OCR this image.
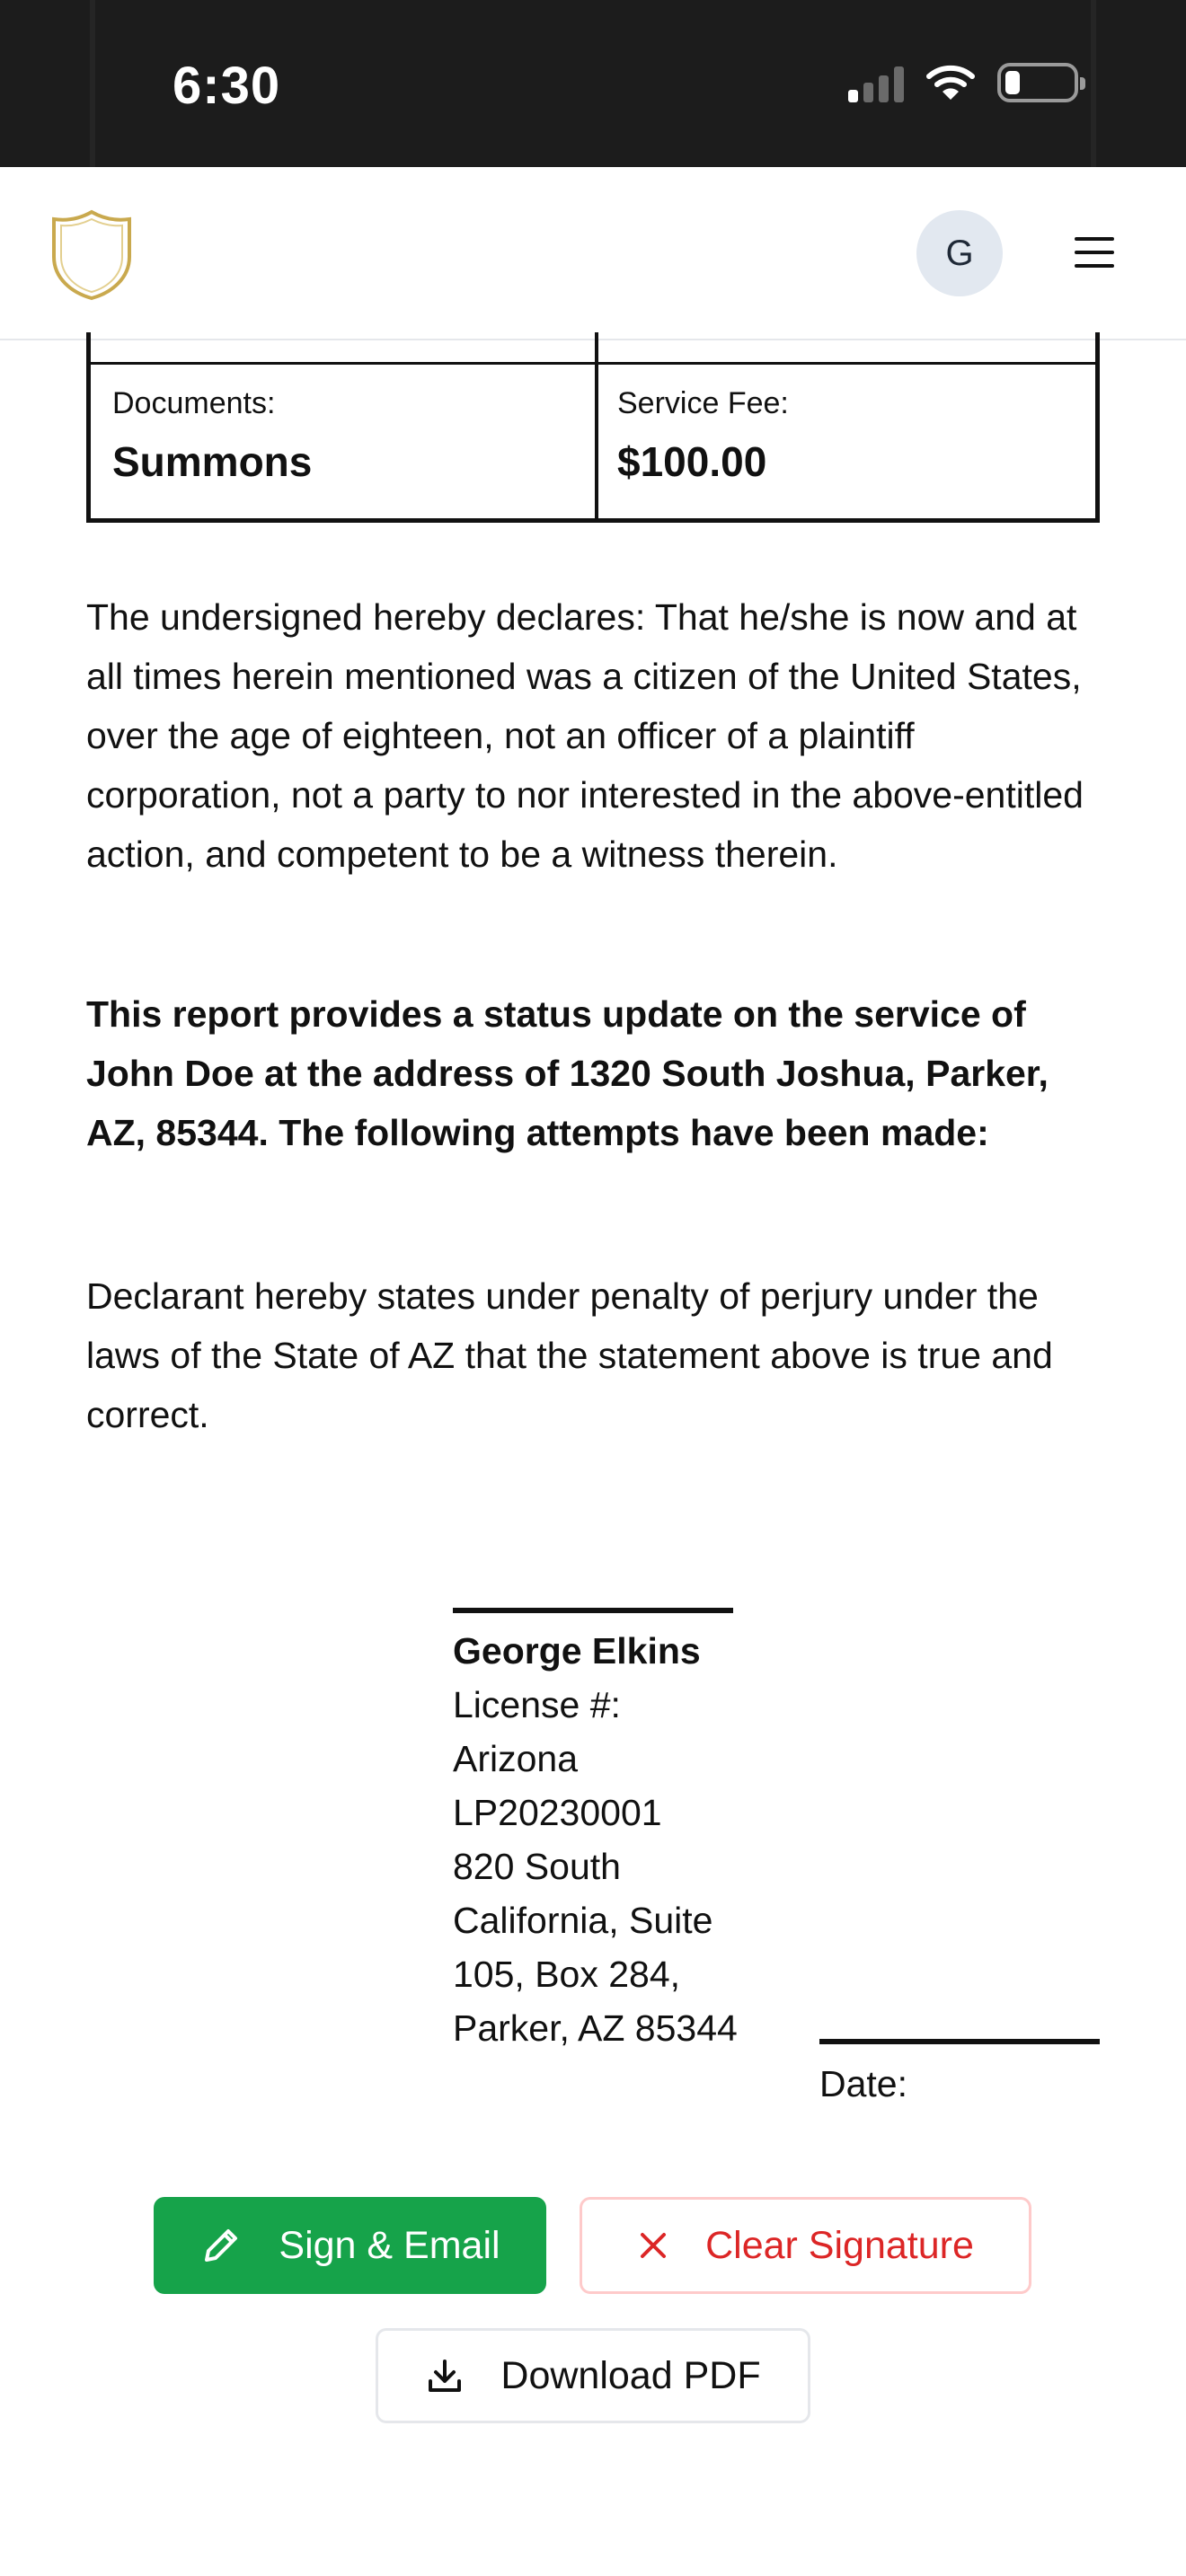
6:30
G
Documents:
Summons
Service Fee:
$100.00

The undersigned hereby declares: That he/she is now and at all times herein mentioned was a citizen of the United States, over the age of eighteen, not an officer of a plaintiff corporation, not a party to nor interested in the above-entitled action, and competent to be a witness therein.

This report provides a status update on the service of John Doe at the address of 1320 South Joshua, Parker, AZ, 85344. The following attempts have been made:

Declarant hereby states under penalty of perjury under the laws of the State of AZ that the statement above is true and correct.

George Elkins
License #:
Arizona LP20230001
820 South California, Suite 105, Box 284, Parker, AZ 85344
Date:
Sign & Email	Clear Signature
Download PDF
